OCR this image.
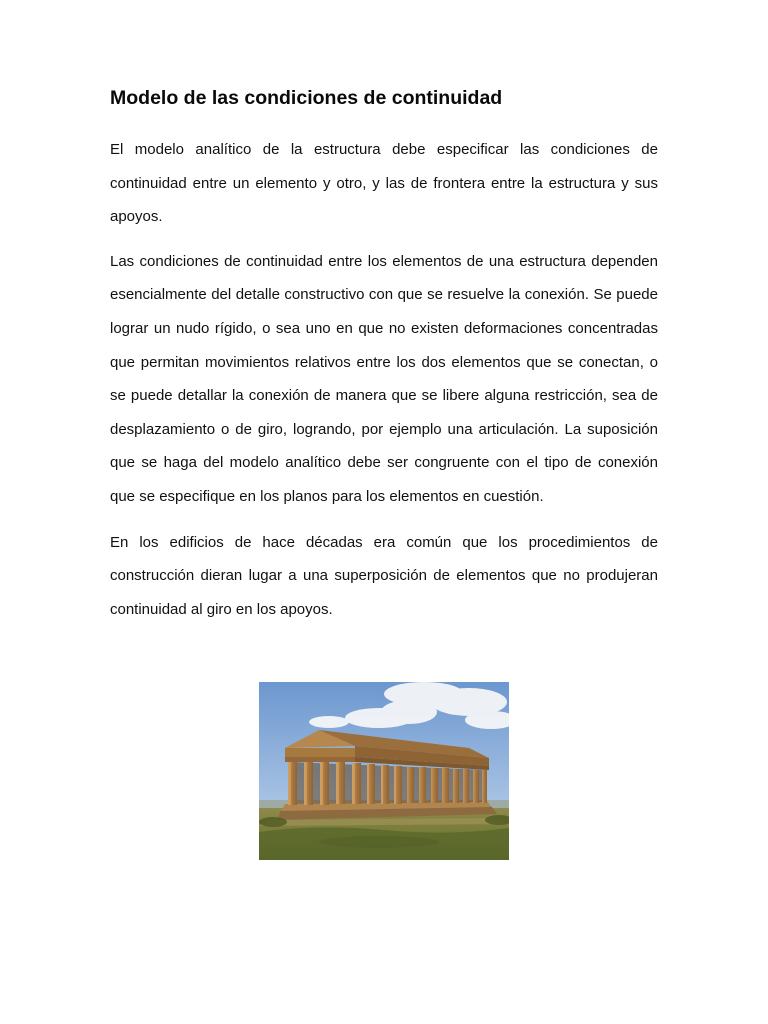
Modelo de las condiciones de continuidad

El modelo analítico de la estructura debe especificar las condiciones de continuidad entre un elemento y otro, y las de frontera entre la estructura y sus apoyos.

Las condiciones de continuidad entre los elementos de una estructura dependen esencialmente del detalle constructivo con que se resuelve la conexión. Se puede lograr un nudo rígido, o sea uno en que no existen deformaciones concentradas que permitan movimientos relativos entre los dos elementos que se conectan, o se puede detallar la conexión de manera que se libere alguna restricción, sea de desplazamiento o de giro, logrando, por ejemplo una articulación. La suposición que se haga del modelo analítico debe ser congruente con el tipo de conexión que se especifique en los planos para los elementos en cuestión.

En los edificios de hace décadas era común que los procedimientos de construcción dieran lugar a una superposición de elementos que no produjeran continuidad al giro en los apoyos.
